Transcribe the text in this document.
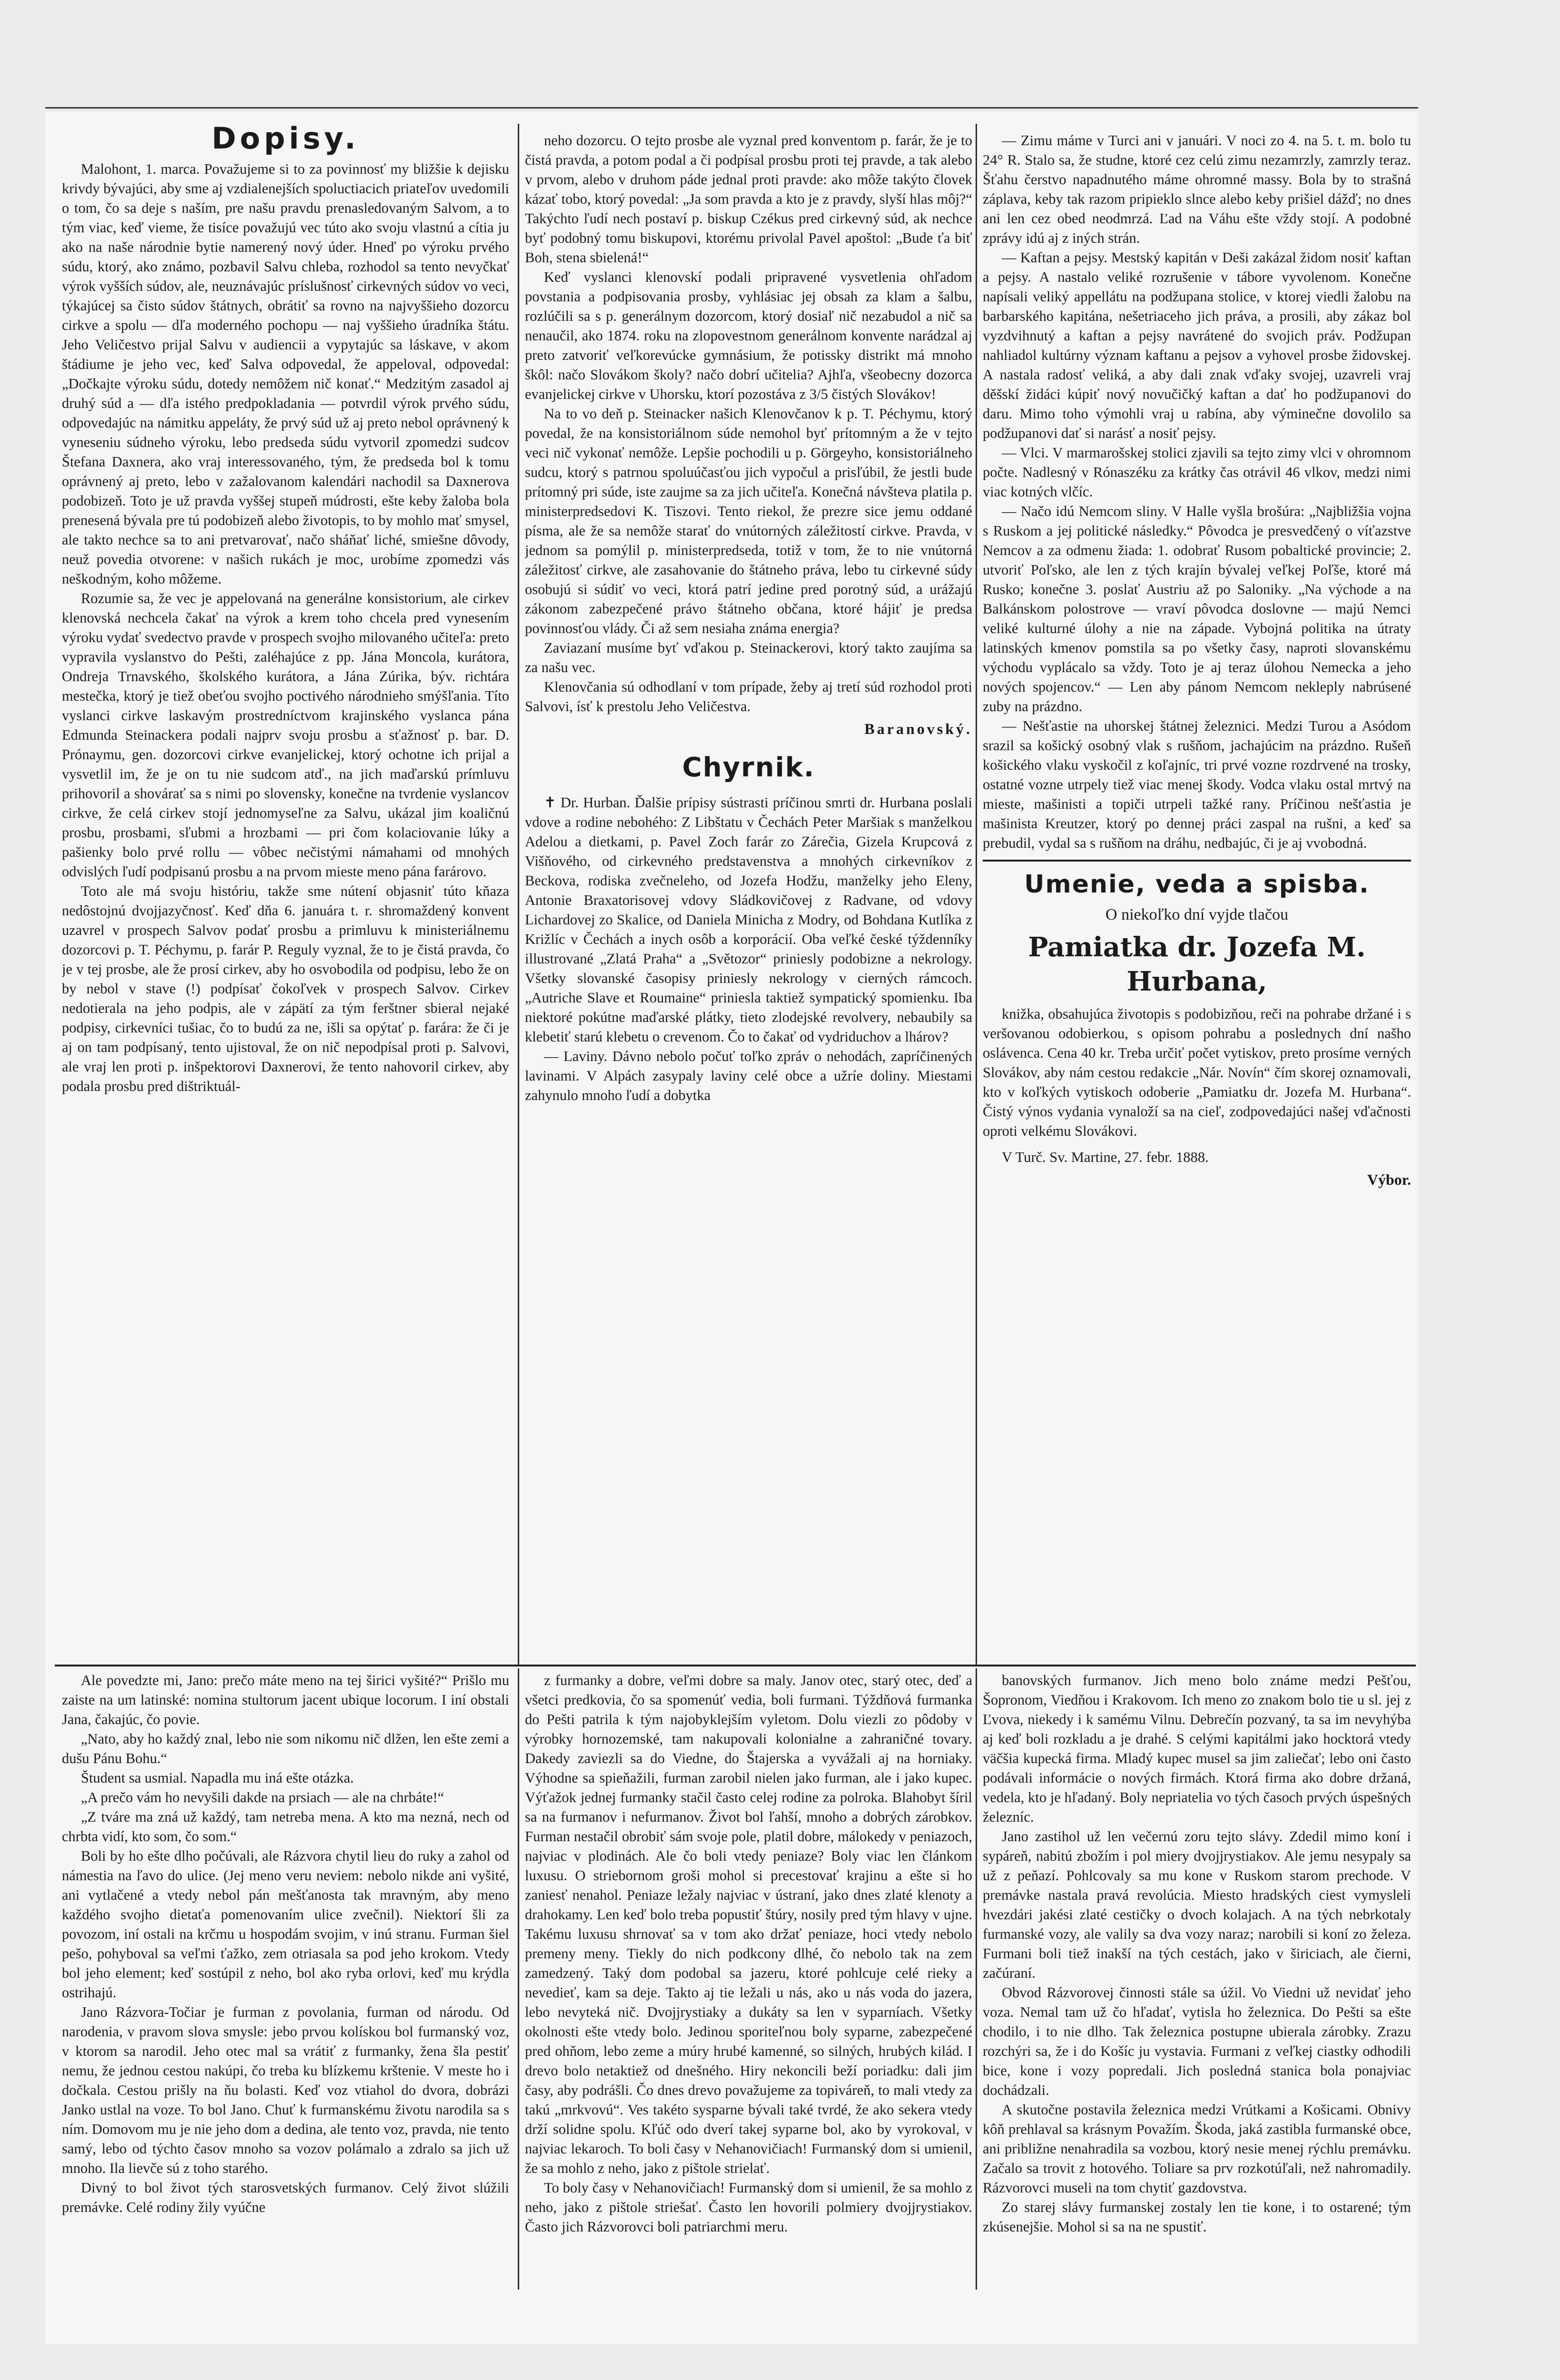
Dopisy.

Malohont, 1. marca. Považujeme si to za povinnosť my bližšie k dejisku krivdy bývajúci, aby sme aj vzdialenejších spoluctiacich priateľov uvedomili o tom, čo sa deje s naším, pre našu pravdu prenasledovaným Salvom, a to tým viac, keď vieme, že tisíce považujú vec túto ako svoju vlastnú a cítia ju ako na naše národnie bytie namerený nový úder. Hneď po výroku prvého súdu, ktorý, ako známo, pozbavil Salvu chleba, rozhodol sa tento nevyčkať výrok vyšších súdov, ale, neuznávajúc príslušnosť cirkevných súdov vo veci, týkajúcej sa čisto súdov štátnych, obrátiť sa rovno na najvyššieho dozorcu cirkve a spolu — dľa moderného pochopu — naj vyššieho úradníka štátu. Jeho Veličestvo prijal Salvu v audiencii a vypytajúc sa láskave, v akom štádiume je jeho vec, keď Salva odpovedal, že appeloval, odpovedal: „Dočkajte výroku súdu, dotedy nemôžem nič konať.“ Medzitým zasadol aj druhý súd a — dľa istého predpokladania — potvrdil výrok prvého súdu, odpovedajúc na námitku appeláty, že prvý súd už aj preto nebol oprávnený k vyneseniu súdneho výroku, lebo predseda súdu vytvoril zpomedzi sudcov Štefana Daxnera, ako vraj interessovaného, tým, že predseda bol k tomu oprávnený aj preto, lebo v zažalovanom kalendári nachodil sa Daxnerova podobizeň. Toto je už pravda vyššej stupeň múdrosti, ešte keby žaloba bola prenesená bývala pre tú podobizeň alebo životopis, to by mohlo mať smysel, ale takto nechce sa to ani pretvarovať, načo sháňať liché, smiešne dôvody, neuž povedia otvorene: v našich rukách je moc, urobíme zpomedzi vás neškodným, koho môžeme.

Rozumie sa, že vec je appelovaná na generálne konsistorium, ale cirkev klenovská nechcela čakať na výrok a krem toho chcela pred vynesením výroku vydať svedectvo pravde v prospech svojho milovaného učiteľa: preto vypravila vyslanstvo do Pešti, zaléhajúce z pp. Jána Moncola, kurátora, Ondreja Trnavského, školského kurátora, a Jána Zúrika, býv. richtára mestečka, ktorý je tiež obeťou svojho poctivého národnieho smýšľania. Títo vyslanci cirkve laskavým prostredníctvom krajinského vyslanca pána Edmunda Steinackera podali najprv svoju prosbu a sťažnosť p. bar. D. Prónaymu, gen. dozorcovi cirkve evanjelickej, ktorý ochotne ich prijal a vysvetlil im, že je on tu nie sudcom atď., na jich maďarskú prímluvu prihovoril a shovárať sa s nimi po slovensky, konečne na tvrdenie vyslancov cirkve, že celá cirkev stojí jednomyseľne za Salvu, ukázal jim koaličnú prosbu, prosbami, sľubmi a hrozbami — pri čom kolaciovanie lúky a pašienky bolo prvé rollu — vôbec nečistými námahami od mnohých odvislých ľudí podpisanú prosbu a na prvom mieste meno pána farárovo.

Toto ale má svoju históriu, takže sme nútení objasniť túto kňaza nedôstojnú dvojjazyčnosť. Keď dňa 6. januára t. r. shromaždený konvent uzavrel v prospech Salvov podať prosbu a primluvu k ministeriálnemu dozorcovi p. T. Péchymu, p. farár P. Reguly vyznal, že to je čistá pravda, čo je v tej prosbe, ale že prosí cirkev, aby ho osvobodila od podpisu, lebo že on by nebol v stave (!) podpísať čokoľvek v prospech Salvov. Cirkev nedotierala na jeho podpis, ale v zápätí za tým ferštner sbieral nejaké podpisy, cirkevníci tušiac, čo to budú za ne, išli sa opýtať p. farára: že či je aj on tam podpísaný, tento ujistoval, že on nič nepodpísal proti p. Salvovi, ale vraj len proti p. inšpektorovi Daxnerovi, že tento nahovoril cirkev, aby podala prosbu pred dištriktuál-

neho dozorcu. O tejto prosbe ale vyznal pred konventom p. farár, že je to čistá pravda, a potom podal a či podpísal prosbu proti tej pravde, a tak alebo v prvom, alebo v druhom páde jednal proti pravde: ako môže takýto človek kázať tobo, ktorý povedal: „Ja som pravda a kto je z pravdy, slyší hlas môj?“ Takýchto ľudí nech postaví p. biskup Czékus pred cirkevný súd, ak nechce byť podobný tomu biskupovi, ktorému privolal Pavel apoštol: „Bude ťa biť Boh, stena sbielená!“

Keď vyslanci klenovskí podali pripravené vysvetlenia ohľadom povstania a podpisovania prosby, vyhlásiac jej obsah za klam a šalbu, rozlúčili sa s p. generálnym dozorcom, ktorý dosiaľ nič nezabudol a nič sa nenaučil, ako 1874. roku na zlopovestnom generálnom konvente narádzal aj preto zatvoriť veľkorevúcke gymnásium, že potissky distrikt má mnoho škôl: načo Slovákom školy? načo dobrí učitelia? Ajhľa, všeobecny dozorca evanjelickej cirkve v Uhorsku, ktorí pozostáva z 3/5 čistých Slovákov!

Na to vo deň p. Steinacker našich Klenovčanov k p. T. Péchymu, ktorý povedal, že na konsistoriálnom súde nemohol byť prítomným a že v tejto veci nič vykonať nemôže. Lepšie pochodili u p. Görgeyho, konsistoriálneho sudcu, ktorý s patrnou spoluúčasťou jich vypočul a prisľúbil, že jestli bude prítomný pri súde, iste zaujme sa za jich učiteľa. Konečná návšteva platila p. ministerpredsedovi K. Tiszovi. Tento riekol, že prezre sice jemu oddané písma, ale že sa nemôže starať do vnútorných záležitostí cirkve. Pravda, v jednom sa pomýlil p. ministerpredseda, totiž v tom, že to nie vnútorná záležitosť cirkve, ale zasahovanie do štátneho práva, lebo tu cirkevné súdy osobujú si súdiť vo veci, ktorá patrí jedine pred porotný súd, a urážajú zákonom zabezpečené právo štátneho občana, ktoré hájiť je predsa povinnosťou vlády. Či až sem nesiaha známa energia?

Zaviazaní musíme byť vďakou p. Steinackerovi, ktorý takto zaujíma sa za našu vec.

Klenovčania sú odhodlaní v tom prípade, žeby aj tretí súd rozhodol proti Salvovi, ísť k prestolu Jeho Veličestva.

Baranovský.
Chyrnik.

✝ Dr. Hurban. Ďalšie prípisy sústrasti príčinou smrti dr. Hurbana poslali vdove a rodine nebohého: Z Libštatu v Čechách Peter Maršiak s manželkou Adelou a dietkami, p. Pavel Zoch farár zo Zárečia, Gizela Krupcová z Višňového, od cirkevného predstavenstva a mnohých cirkevníkov z Beckova, rodiska zvečneleho, od Jozefa Hodžu, manželky jeho Eleny, Antonie Braxatorisovej vdovy Sládkovičovej z Radvane, od vdovy Lichardovej zo Skalice, od Daniela Minicha z Modry, od Bohdana Kutlíka z Križlíc v Čechách a inych osôb a korporácií. Oba veľké české týždenníky illustrované „Zlatá Praha“ a „Světozor“ priniesly podobizne a nekrology. Všetky slovanské časopisy priniesly nekrology v cierných rámcoch. „Autriche Slave et Roumaine“ priniesla taktiež sympatický spomienku. Iba niektoré pokútne maďarské plátky, tieto zlodejské revolvery, nebaubily sa klebetiť starú klebetu o crevenom. Čo to čakať od vydriduchov a lhárov?

— Laviny. Dávno nebolo počuť toľko zpráv o nehodách, zapríčinených lavinami. V Alpách zasypaly laviny celé obce a užríe doliny. Miestami zahynulo mnoho ľudí a dobytka

— Zimu máme v Turci ani v januári. V noci zo 4. na 5. t. m. bolo tu 24° R. Stalo sa, že studne, ktoré cez celú zimu nezamrzly, zamrzly teraz. Šťahu čerstvo napadnutého máme ohromné massy. Bola by to strašná záplava, keby tak razom pripieklo slnce alebo keby prišiel dážď; no dnes ani len cez obed neodmrzá. Ľad na Váhu ešte vždy stojí. A podobné zprávy idú aj z iných strán.

— Kaftan a pejsy. Mestský kapitán v Deši zakázal židom nosiť kaftan a pejsy. A nastalo veliké rozrušenie v tábore vyvolenom. Konečne napísali veliký appellátu na podžupana stolice, v ktorej viedli žalobu na barbarského kapitána, nešetriaceho jich práva, a prosili, aby zákaz bol vyzdvihnutý a kaftan a pejsy navrátené do svojich práv. Podžupan nahliadol kultúrny význam kaftanu a pejsov a vyhovel prosbe židovskej. A nastala radosť veliká, a aby dali znak vďaky svojej, uzavreli vraj děšskí židáci kúpiť nový novučičký kaftan a dať ho podžupanovi do daru. Mimo toho výmohli vraj u rabína, aby výminečne dovolilo sa podžupanovi dať si narásť a nosiť pejsy.

— Vlci. V marmarošskej stolici zjavili sa tejto zimy vlci v ohromnom počte. Nadlesný v Rónaszéku za krátky čas otrávil 46 vlkov, medzi nimi viac kotných vlčíc.

— Načo idú Nemcom sliny. V Halle vyšla brošúra: „Najbližšia vojna s Ruskom a jej politické následky.“ Pôvodca je presvedčený o víťazstve Nemcov a za odmenu žiada: 1. odobrať Rusom pobaltické provincie; 2. utvoriť Poľsko, ale len z tých krajín bývalej veľkej Poľše, ktoré má Rusko; konečne 3. poslať Austriu až po Saloniky. „Na východe a na Balkánskom polostrove — vraví pôvodca doslovne — majú Nemci veliké kulturné úlohy a nie na západe. Vybojná politika na útraty latinských kmenov pomstila sa po všetky časy, naproti slovanskému východu vyplácalo sa vždy. Toto je aj teraz úlohou Nemecka a jeho nových spojencov.“ — Len aby pánom Nemcom nekleply nabrúsené zuby na prázdno.

— Nešťastie na uhorskej štátnej železnici. Medzi Turou a Asódom srazil sa košický osobný vlak s rušňom, jachajúcim na prázdno. Rušeň košického vlaku vyskočil z koľajníc, tri prvé vozne rozdrvené na trosky, ostatné vozne utrpely tiež viac menej škody. Vodca vlaku ostal mrtvý na mieste, mašinisti a topiči utrpeli tažké rany. Príčinou nešťastia je mašinista Kreutzer, ktorý po dennej práci zaspal na rušni, a keď sa prebudil, vydal sa s rušňom na dráhu, nedbajúc, či je aj vvobodná.

Umenie, veda a spisba.
O niekoľko dní vyjde tlačou
Pamiatka dr. Jozefa M. Hurbana,

knižka, obsahujúca životopis s podobizňou, reči na pohrabe držané i s veršovanou odobierkou, s opisom pohrabu a poslednych dní našho oslávenca. Cena 40 kr. Treba určiť počet vytiskov, preto prosíme verných Slovákov, aby nám cestou redakcie „Nár. Novín“ čím skorej oznamovali, kto v koľkých vytiskoch odoberie „Pamiatku dr. Jozefa M. Hurbana“. Čistý výnos vydania vynaloží sa na cieľ, zodpovedajúci našej vďačnosti oproti velkému Slovákovi.

V Turč. Sv. Martine, 27. febr. 1888.
Výbor.

Ale povedzte mi, Jano: prečo máte meno na tej širici vyšité?“ Prišlo mu zaiste na um latinské: nomina stultorum jacent ubique locorum. I iní obstali Jana, čakajúc, čo povie.

„Nato, aby ho každý znal, lebo nie som nikomu nič dlžen, len ešte zemi a dušu Pánu Bohu.“

Študent sa usmial. Napadla mu iná ešte otázka.

„A prečo vám ho nevyšili dakde na prsiach — ale na chrbáte!“

„Z tváre ma zná už každý, tam netreba mena. A kto ma nezná, nech od chrbta vidí, kto som, čo som.“

Boli by ho ešte dlho počúvali, ale Rázvora chytil lieu do ruky a zahol od námestia na ľavo do ulice. (Jej meno veru neviem: nebolo nikde ani vyšité, ani vytlačené a vtedy nebol pán mešťanosta tak mravným, aby meno každého svojho dietaťa pomenovaním ulice zvečnil). Niektorí šli za povozom, iní ostali na krčmu u hospodám svojim, v inú stranu. Furman šiel pešo, pohyboval sa veľmi ťažko, zem otriasala sa pod jeho krokom. Vtedy bol jeho element; keď sostúpil z neho, bol ako ryba orlovi, keď mu krýdla ostrihajú.

Jano Rázvora-Točiar je furman z povolania, furman od národu. Od narodenia, v pravom slova smysle: jebo prvou kolískou bol furmanský voz, v ktorom sa narodil. Jeho otec mal sa vrátiť z furmanky, žena šla pestiť nemu, že jednou cestou nakúpi, čo treba ku blízkemu krštenie. V meste ho i dočkala. Cestou prišly na ňu bolasti. Keď voz vtiahol do dvora, dobrázi Janko ustlal na voze. To bol Jano. Chuť k furmanskému životu narodila sa s ním. Domovom mu je nie jeho dom a dedina, ale tento voz, pravda, nie tento samý, lebo od týchto časov mnoho sa vozov polámalo a zdralo sa jich už mnoho. Ila lievče sú z toho starého.

Divný to bol život tých starosvetských furmanov. Celý život slúžili premávke. Celé rodiny žily vyúčne

z furmanky a dobre, veľmi dobre sa maly. Janov otec, starý otec, deď a všetci predkovia, čo sa spomenúť vedia, boli furmani. Týždňová furmanka do Pešti patrila k tým najobyklejším vyletom. Dolu viezli zo pôdoby v výrobky hornozemské, tam nakupovali kolonialne a zahraničné tovary. Dakedy zaviezli sa do Viedne, do Štajerska a vyvážali aj na horniaky. Výhodne sa spieňažili, furman zarobil nielen jako furman, ale i jako kupec. Výťažok jednej furmanky stačil často celej rodine za polroka. Blahobyt šíril sa na furmanov i nefurmanov. Život bol ľahší, mnoho a dobrých zárobkov. Furman nestačil obrobiť sám svoje pole, platil dobre, málokedy v peniazoch, najviac v plodinách. Ale čo boli vtedy peniaze? Boly viac len článkom luxusu. O striebornom groši mohol si precestovať krajinu a ešte si ho zaniesť nenahol. Peniaze ležaly najviac v ústraní, jako dnes zlaté klenoty a drahokamy. Len keď bolo treba popustiť štúry, nosily pred tým hlavy v ujne. Takému luxusu shrnovať sa v tom ako držať peniaze, hoci vtedy nebolo premeny meny. Tiekly do nich podkcony dlhé, čo nebolo tak na zem zamedzený. Taký dom podobal sa jazeru, ktoré pohlcuje celé rieky a nevedieť, kam sa deje. Takto aj tie ležali u nás, ako u nás voda do jazera, lebo nevyteká nič. Dvojjrystiaky a dukáty sa len v syparníach. Všetky okolnosti ešte vtedy bolo. Jedinou sporiteľnou boly syparne, zabezpečené pred ohňom, lebo zeme a múry hrubé kamenné, so silných, hrubých kilád. I drevo bolo netaktiež od dnešného. Hiry nekoncili beží poriadku: dali jim časy, aby podrášli. Čo dnes drevo považujeme za topiváreň, to mali vtedy za takú „mrkvovú“. Ves takéto sysparne bývali také tvrdé, že ako sekera vtedy drží solidne spolu. Kľúč odo dverí takej syparne bol, ako by vyrokoval, v najviac lekaroch. To boli časy v Nehanovičiach! Furmanský dom si umienil, že sa mohlo z neho, jako z pištole strielať.

To boly časy v Nehanovičiach! Furmanský dom si umienil, že sa mohlo z neho, jako z pištole striešať. Často len hovorili polmiery dvojjrystiakov. Často jich Rázvorovci boli patriarchmi meru.

banovských furmanov. Jich meno bolo známe medzi Pešťou, Šopronom, Viedňou i Krakovom. Ich meno zo znakom bolo tie u sl. jej z Ľvova, niekedy i k samému Vilnu. Debrečín pozvaný, ta sa im nevyhýba aj keď boli rozkladu a je drahé. S celými kapitálmi jako hocktorá vtedy väčšia kupecká firma. Mladý kupec musel sa jim zaliečať; lebo oni často podávali informácie o nových firmách. Ktorá firma ako dobre držaná, vedela, kto je hľadaný. Boly nepriatelia vo tých časoch prvých úspešných železníc.

Jano zastihol už len večernú zoru tejto slávy. Zdedil mimo koní i sypáreň, nabitú zbožím i pol miery dvojjrystiakov. Ale jemu nesypaly sa už z peňazí. Pohlcovaly sa mu kone v Ruskom starom prechode. V premávke nastala pravá revolúcia. Miesto hradských ciest vymysleli hvezdári jakési zlaté cestičky o dvoch kolajach. A na tých nebrkotaly furmanské vozy, ale valily sa dva vozy naraz; narobili si koní zo železa. Furmani boli tiež inakší na tých cestách, jako v širiciach, ale čierni, začúraní.

Obvod Rázvorovej činnosti stále sa úžil. Vo Viedni už nevidať jeho voza. Nemal tam už čo hľadať, vytisla ho železnica. Do Pešti sa ešte chodilo, i to nie dlho. Tak železnica postupne ubierala zárobky. Zrazu rozchýri sa, že i do Košíc ju vystavia. Furmani z veľkej ciastky odhodili bice, kone i vozy popredali. Jich posledná stanica bola ponajviac dochádzali.

A skutočne postavila železnica medzi Vrútkami a Košicami. Obnivy kôň prehlaval sa krásnym Považím. Škoda, jaká zastibla furmanské obce, ani približne nenahradila sa vozbou, ktorý nesie menej rýchlu premávku. Začalo sa trovit z hotového. Toliare sa prv rozkotúľali, než nahromadily. Rázvorovci museli na tom chytiť gazdovstva.

Zo starej slávy furmanskej zostaly len tie kone, i to ostarené; tým zkúsenejšie. Mohol si sa na ne spustiť.
